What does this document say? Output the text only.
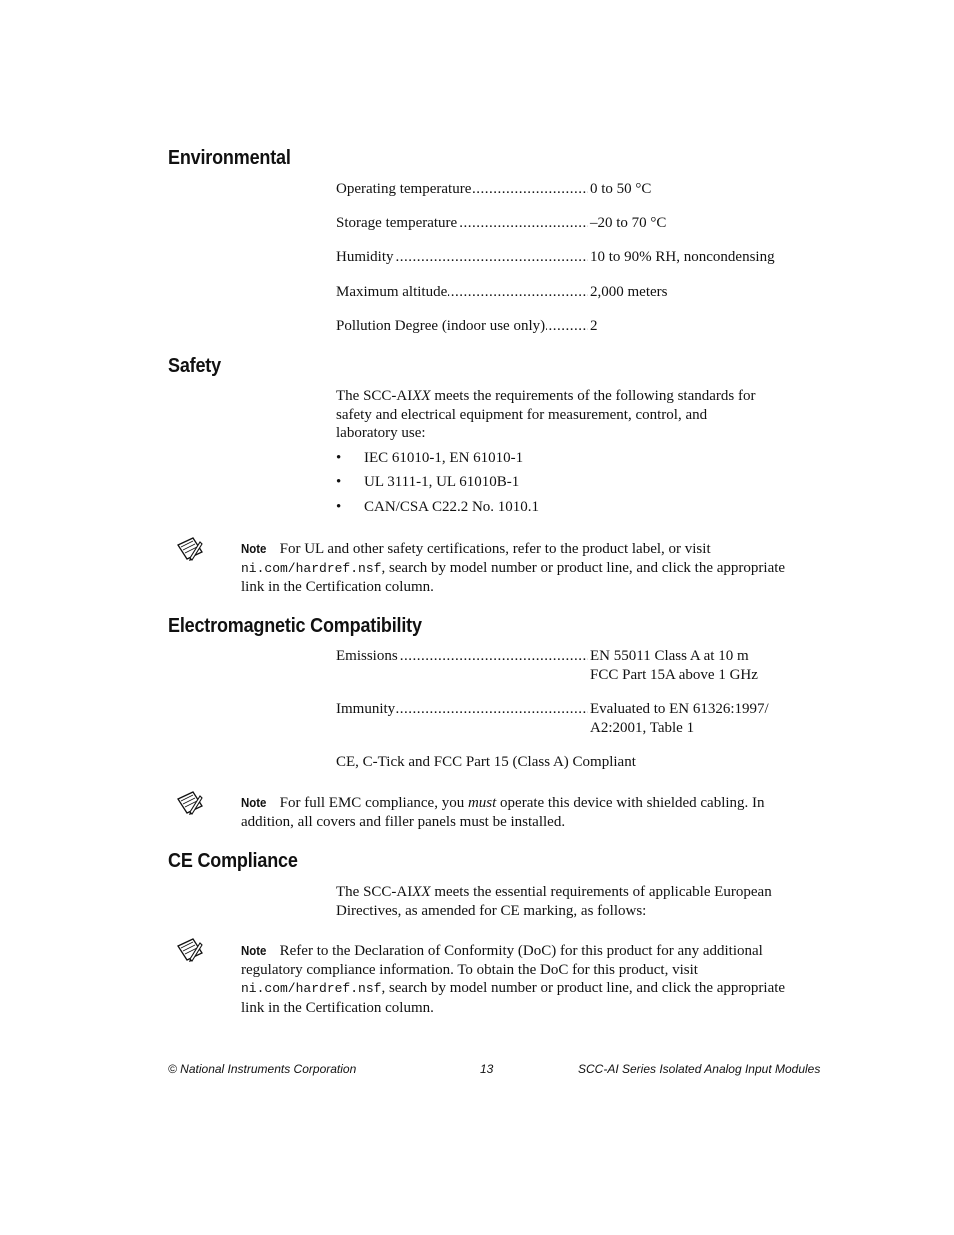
Environmental
Operating temperature .....	0 to 50 °C
Storage temperature .....	–20 to 70 °C
Humidity .....	10 to 90% RH, noncondensing
Maximum altitude .....	2,000 meters
Pollution Degree (indoor use only) .....	2
Safety
The SCC-AIXX meets the requirements of the following standards for safety and electrical equipment for measurement, control, and laboratory use:
• IEC 61010-1, EN 61010-1
• UL 3111-1, UL 61010B-1
• CAN/CSA C22.2 No. 1010.1
Note For UL and other safety certifications, refer to the product label, or visit
ni.com/hardref.nsf, search by model number or product line, and click the appropriate link in the Certification column.
Electromagnetic Compatibility
Emissions .....	EN 55011 Class A at 10 m
FCC Part 15A above 1 GHz
Immunity .....	Evaluated to EN 61326:1997/
A2:2001, Table 1
CE, C-Tick and FCC Part 15 (Class A) Compliant
Note For full EMC compliance, you must operate this device with shielded cabling. In addition, all covers and filler panels must be installed.
CE Compliance
The SCC-AIXX meets the essential requirements of applicable European Directives, as amended for CE marking, as follows:
Note Refer to the Declaration of Conformity (DoC) for this product for any additional regulatory compliance information. To obtain the DoC for this product, visit
ni.com/hardref.nsf, search by model number or product line, and click the appropriate link in the Certification column.
© National Instruments Corporation	13	SCC-AI Series Isolated Analog Input Modules
